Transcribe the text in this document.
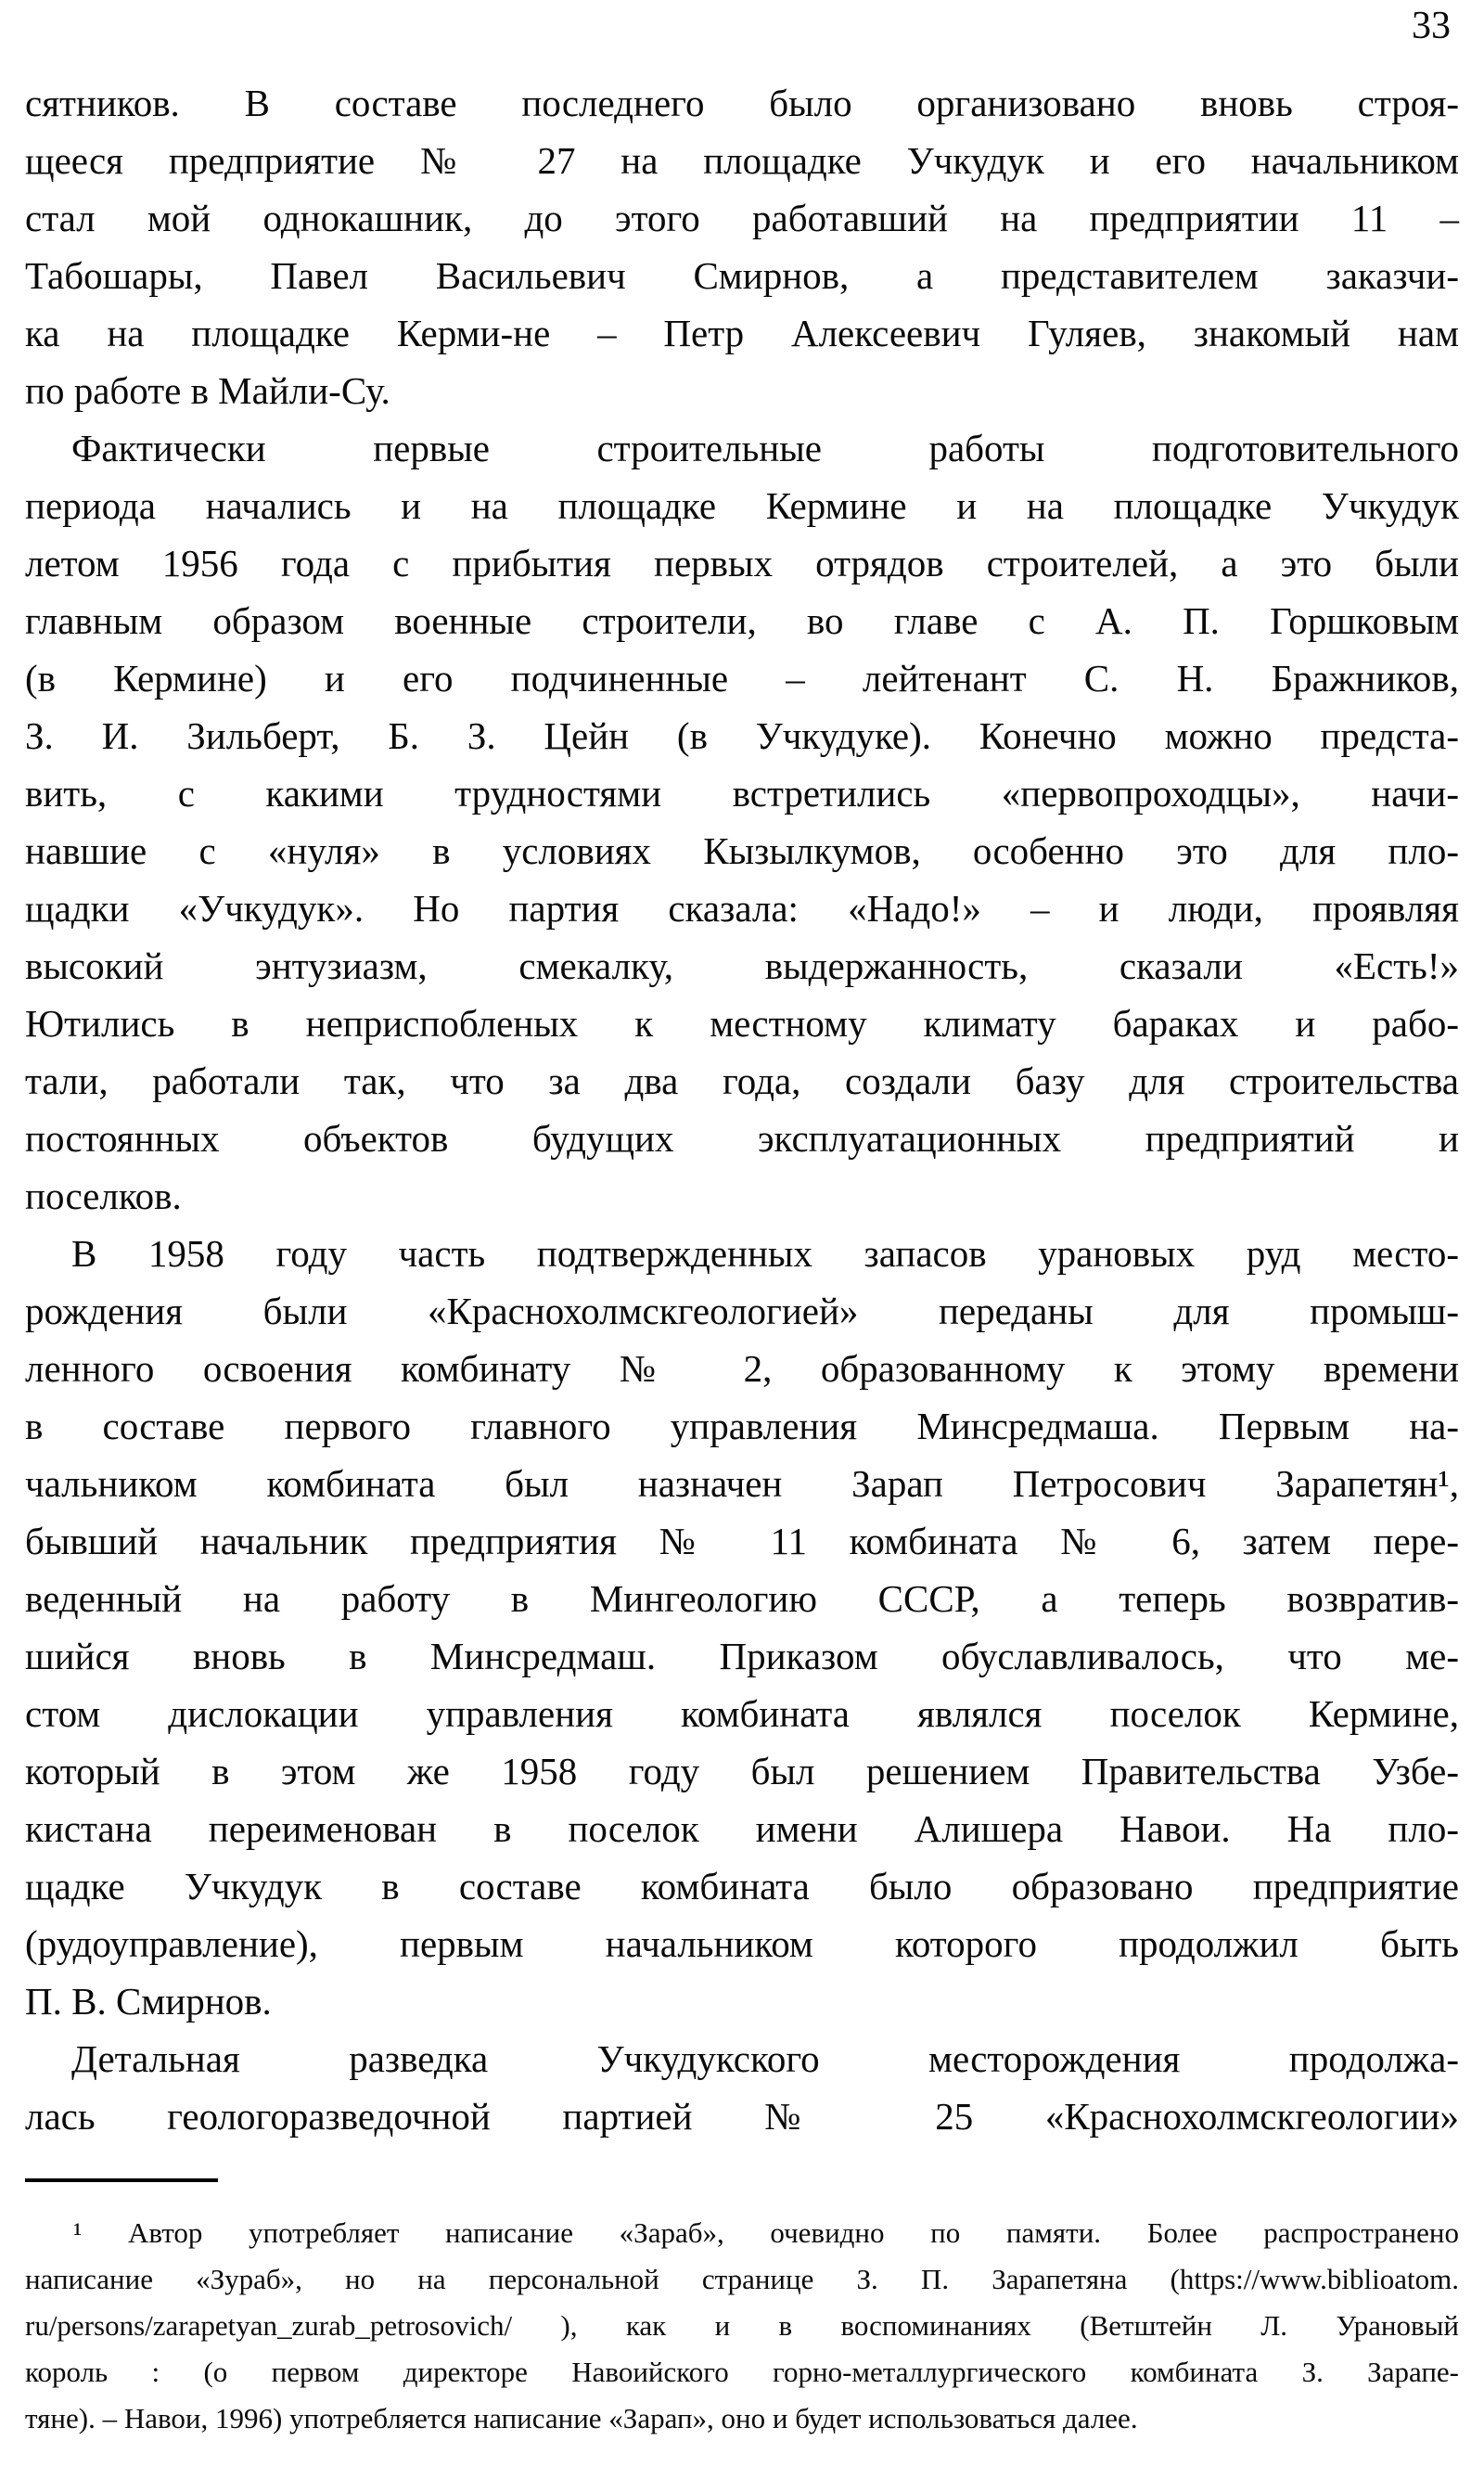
33
сятников. В составе последнего было организовано вновь строя-
щееся предприятие № 27 на площадке Учкудук и его начальником
стал мой однокашник, до этого работавший на предприятии 11 –
Табошары, Павел Васильевич Смирнов, а представителем заказчи-
ка на площадке Керми-не – Петр Алексеевич Гуляев, знакомый нам
по работе в Майли-Су.
Фактически первые строительные работы подготовительного
периода начались и на площадке Кермине и на площадке Учкудук
летом 1956 года с прибытия первых отрядов строителей, а это были
главным образом военные строители, во главе с А. П. Горшковым
(в Кермине) и его подчиненные – лейтенант С. Н. Бражников,
З. И. Зильберт, Б. З. Цейн (в Учкудуке). Конечно можно предста-
вить, с какими трудностями встретились «первопроходцы», начи-
навшие с «нуля» в условиях Кызылкумов, особенно это для пло-
щадки «Учкудук». Но партия сказала: «Надо!» – и люди, проявляя
высокий энтузиазм, смекалку, выдержанность, сказали «Есть!»
Ютились в неприспобленых к местному климату бараках и рабо-
тали, работали так, что за два года, создали базу для строительства
постоянных объектов будущих эксплуатационных предприятий и
поселков.
В 1958 году часть подтвержденных запасов урановых руд место-
рождения были «Краснохолмскгеологией» переданы для промыш-
ленного освоения комбинату № 2, образованному к этому времени
в составе первого главного управления Минсредмаша. Первым на-
чальником комбината был назначен Зарап Петросович Зарапетян¹,
бывший начальник предприятия № 11 комбината № 6, затем пере-
веденный на работу в Мингеологию СССР, а теперь возвратив-
шийся вновь в Минсредмаш. Приказом обуславливалось, что ме-
стом дислокации управления комбината являлся поселок Кермине,
который в этом же 1958 году был решением Правительства Узбе-
кистана переименован в поселок имени Алишера Навои. На пло-
щадке Учкудук в составе комбината было образовано предприятие
(рудоуправление), первым начальником которого продолжил быть
П. В. Смирнов.
Детальная разведка Учкудукского месторождения продолжа-
лась геологоразведочной партией № 25 «Краснохолмскгеологии»
¹ Автор употребляет написание «Зараб», очевидно по памяти. Более распространено
написание «Зураб», но на персональной странице З. П. Зарапетяна (https://www.biblioatom.
ru/persons/zarapetyan_zurab_petrosovich/ ), как и в воспоминаниях (Ветштейн Л. Урановый
король : (о первом директоре Навоийского горно-металлургического комбината З. Зарапе-
тяне). – Навои, 1996) употребляется написание «Зарап», оно и будет использоваться далее.
